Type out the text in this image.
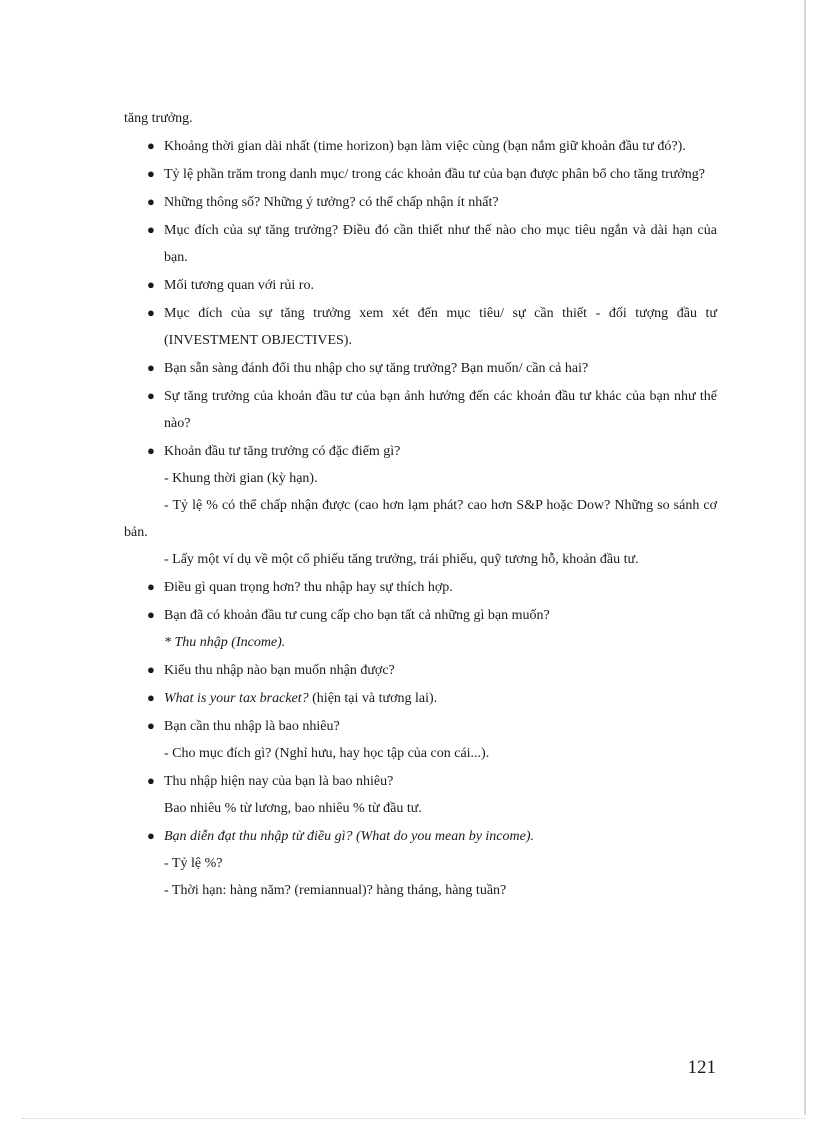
tăng trưởng.
● Khoảng thời gian dài nhất (time horizon) bạn làm việc cùng (bạn nắm giữ khoản đầu tư đó?).
● Tỷ lệ phần trăm trong danh mục/ trong các khoản đầu tư của bạn được phân bổ cho tăng trưởng?
● Những thông số? Những ý tưởng? có thể chấp nhận ít nhất?
● Mục đích của sự tăng trưởng? Điều đó cần thiết như thế nào cho mục tiêu ngắn và dài hạn của bạn.
● Mối tương quan với rủi ro.
● Mục đích của sự tăng trưởng xem xét đến mục tiêu/ sự cần thiết - đối tượng đầu tư (INVESTMENT OBJECTIVES).
● Bạn sẵn sàng đánh đổi thu nhập cho sự tăng trưởng? Bạn muốn/ cần cả hai?
● Sự tăng trưởng của khoản đầu tư của bạn ảnh hưởng đến các khoản đầu tư khác của bạn như thế nào?
● Khoản đầu tư tăng trưởng có đặc điểm gì?
- Khung thời gian (kỳ hạn).
- Tỷ lệ % có thể chấp nhận được (cao hơn lạm phát? cao hơn S&P hoặc Dow? Những so sánh cơ bản.
- Lấy một ví dụ về một cổ phiếu tăng trưởng, trái phiếu, quỹ tương hỗ, khoản đầu tư.
● Điều gì quan trọng hơn? thu nhập hay sự thích hợp.
● Bạn đã có khoản đầu tư cung cấp cho bạn tất cả những gì bạn muốn?
* Thu nhập (Income).
● Kiểu thu nhập nào bạn muốn nhận được?
● What is your tax bracket? (hiện tại và tương lai).
● Bạn cần thu nhập là bao nhiêu?
- Cho mục đích gì? (Nghỉ hưu, hay học tập của con cái...).
● Thu nhập hiện nay của bạn là bao nhiêu?
Bao nhiêu % từ lương, bao nhiêu % từ đầu tư.
● Bạn diễn đạt thu nhập từ điều gì? (What do you mean by income).
- Tỷ lệ %?
- Thời hạn: hàng năm? (remiannual)? hàng tháng, hàng tuần?
121
